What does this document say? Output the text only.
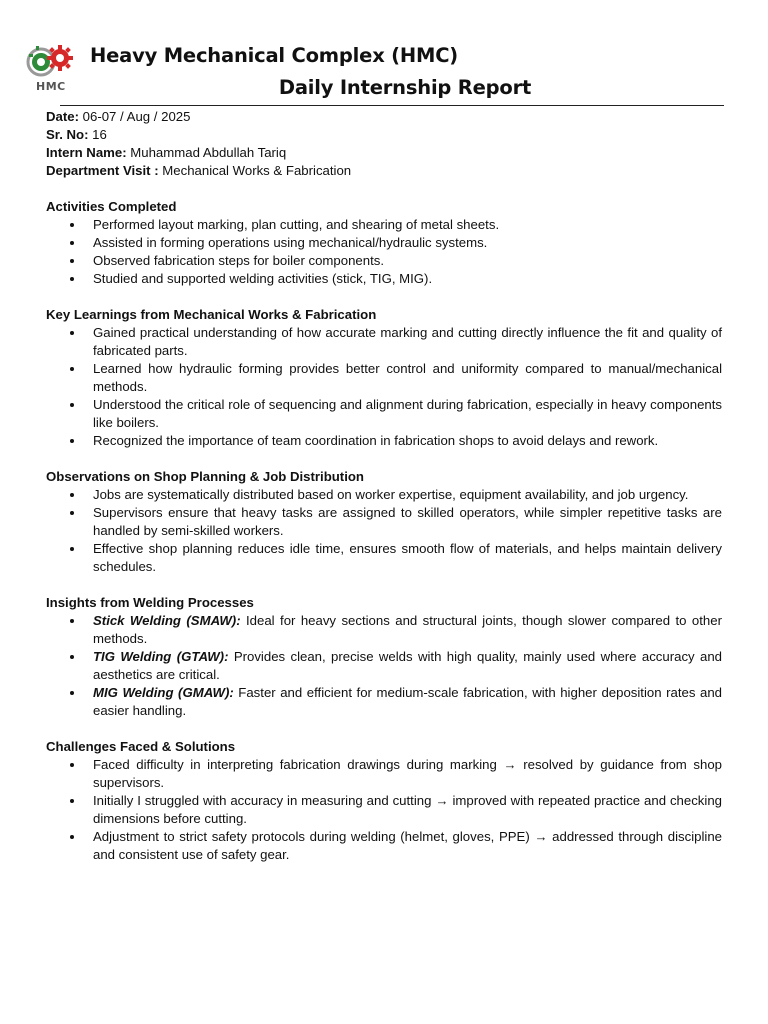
HMC
Heavy Mechanical Complex (HMC)
Daily Internship Report

Date: 06-07 / Aug / 2025

Sr. No: 16

Intern Name: Muhammad Abdullah Tariq

Department Visit : Mechanical Works & Fabrication

Activities Completed

Performed layout marking, plan cutting, and shearing of metal sheets.
Assisted in forming operations using mechanical/hydraulic systems.
Observed fabrication steps for boiler components.
Studied and supported welding activities (stick, TIG, MIG).

Key Learnings from Mechanical Works & Fabrication

Gained practical understanding of how accurate marking and cutting directly influence the fit and quality of fabricated parts.
Learned how hydraulic forming provides better control and uniformity compared to manual/mechanical methods.
Understood the critical role of sequencing and alignment during fabrication, especially in heavy components like boilers.
Recognized the importance of team coordination in fabrication shops to avoid delays and rework.

Observations on Shop Planning & Job Distribution

Jobs are systematically distributed based on worker expertise, equipment availability, and job urgency.
Supervisors ensure that heavy tasks are assigned to skilled operators, while simpler repetitive tasks are handled by semi-skilled workers.
Effective shop planning reduces idle time, ensures smooth flow of materials, and helps maintain delivery schedules.

Insights from Welding Processes

Stick Welding (SMAW): Ideal for heavy sections and structural joints, though slower compared to other methods.
TIG Welding (GTAW): Provides clean, precise welds with high quality, mainly used where accuracy and aesthetics are critical.
MIG Welding (GMAW): Faster and efficient for medium-scale fabrication, with higher deposition rates and easier handling.

Challenges Faced & Solutions

Faced difficulty in interpreting fabrication drawings during marking → resolved by guidance from shop supervisors.
Initially I struggled with accuracy in measuring and cutting → improved with repeated practice and checking dimensions before cutting.
Adjustment to strict safety protocols during welding (helmet, gloves, PPE) → addressed through discipline and consistent use of safety gear.
